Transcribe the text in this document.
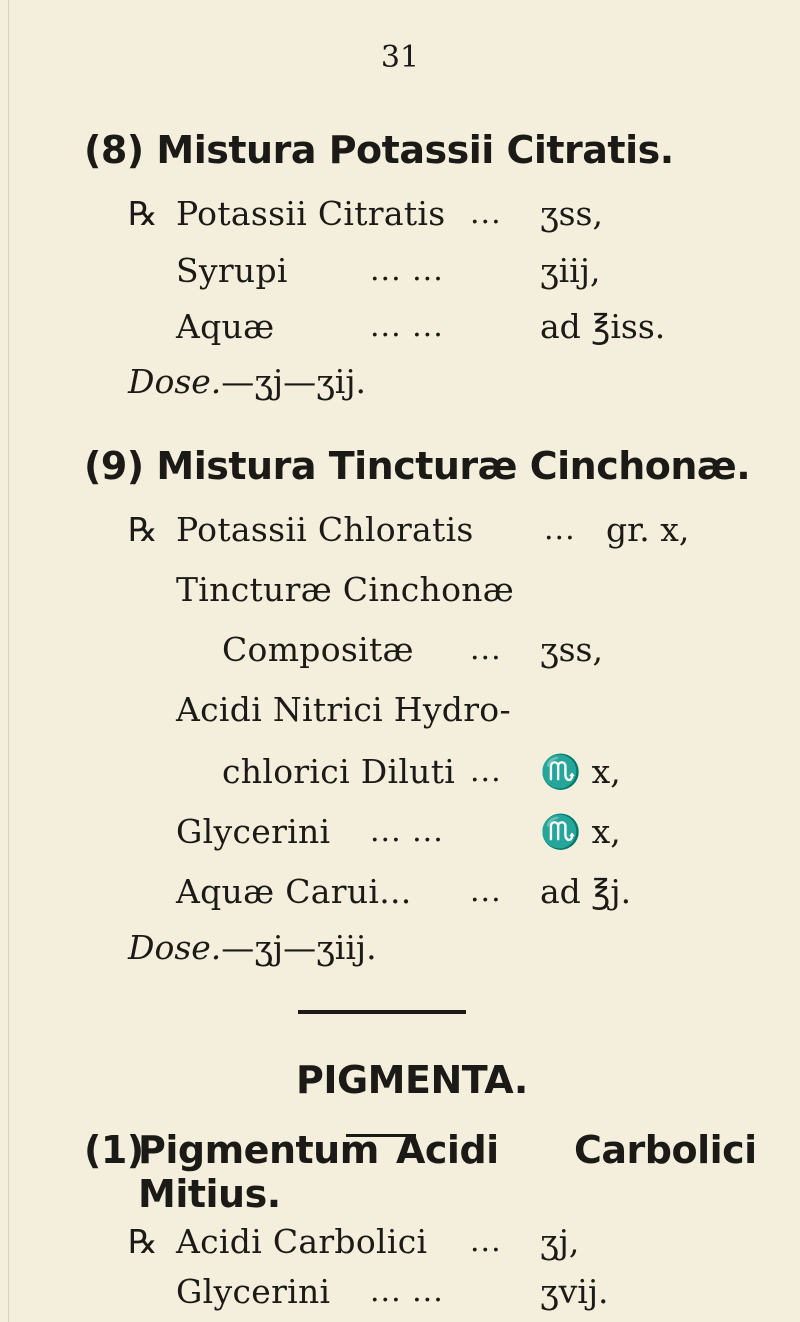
31
(8) Mistura Potassii Citratis.
℞ Potassii Citratis ... ʒss,
Syrupi	... ...	ʒiij,
Aquæ	... ...	ad ℥iss.
Dose.—ʒj—ʒij.
(9) Mistura Tincturæ Cinchonæ.
℞ Potassii Chloratis ... gr. x,
Tincturæ Cinchonæ
Compositæ ... ʒss,
Acidi Nitrici Hydro-
chlorici Diluti ... ♏ x,
Glycerini ... ...	♏ x,
Aquæ Carui... ... ad ℥j.
Dose.—ʒj—ʒiij.
PIGMENTA.
(1)
Pigmentum Acidi Carbolici
Mitius.
℞ Acidi Carbolici ... ʒj,
Glycerini ... ...	ʒvij.
